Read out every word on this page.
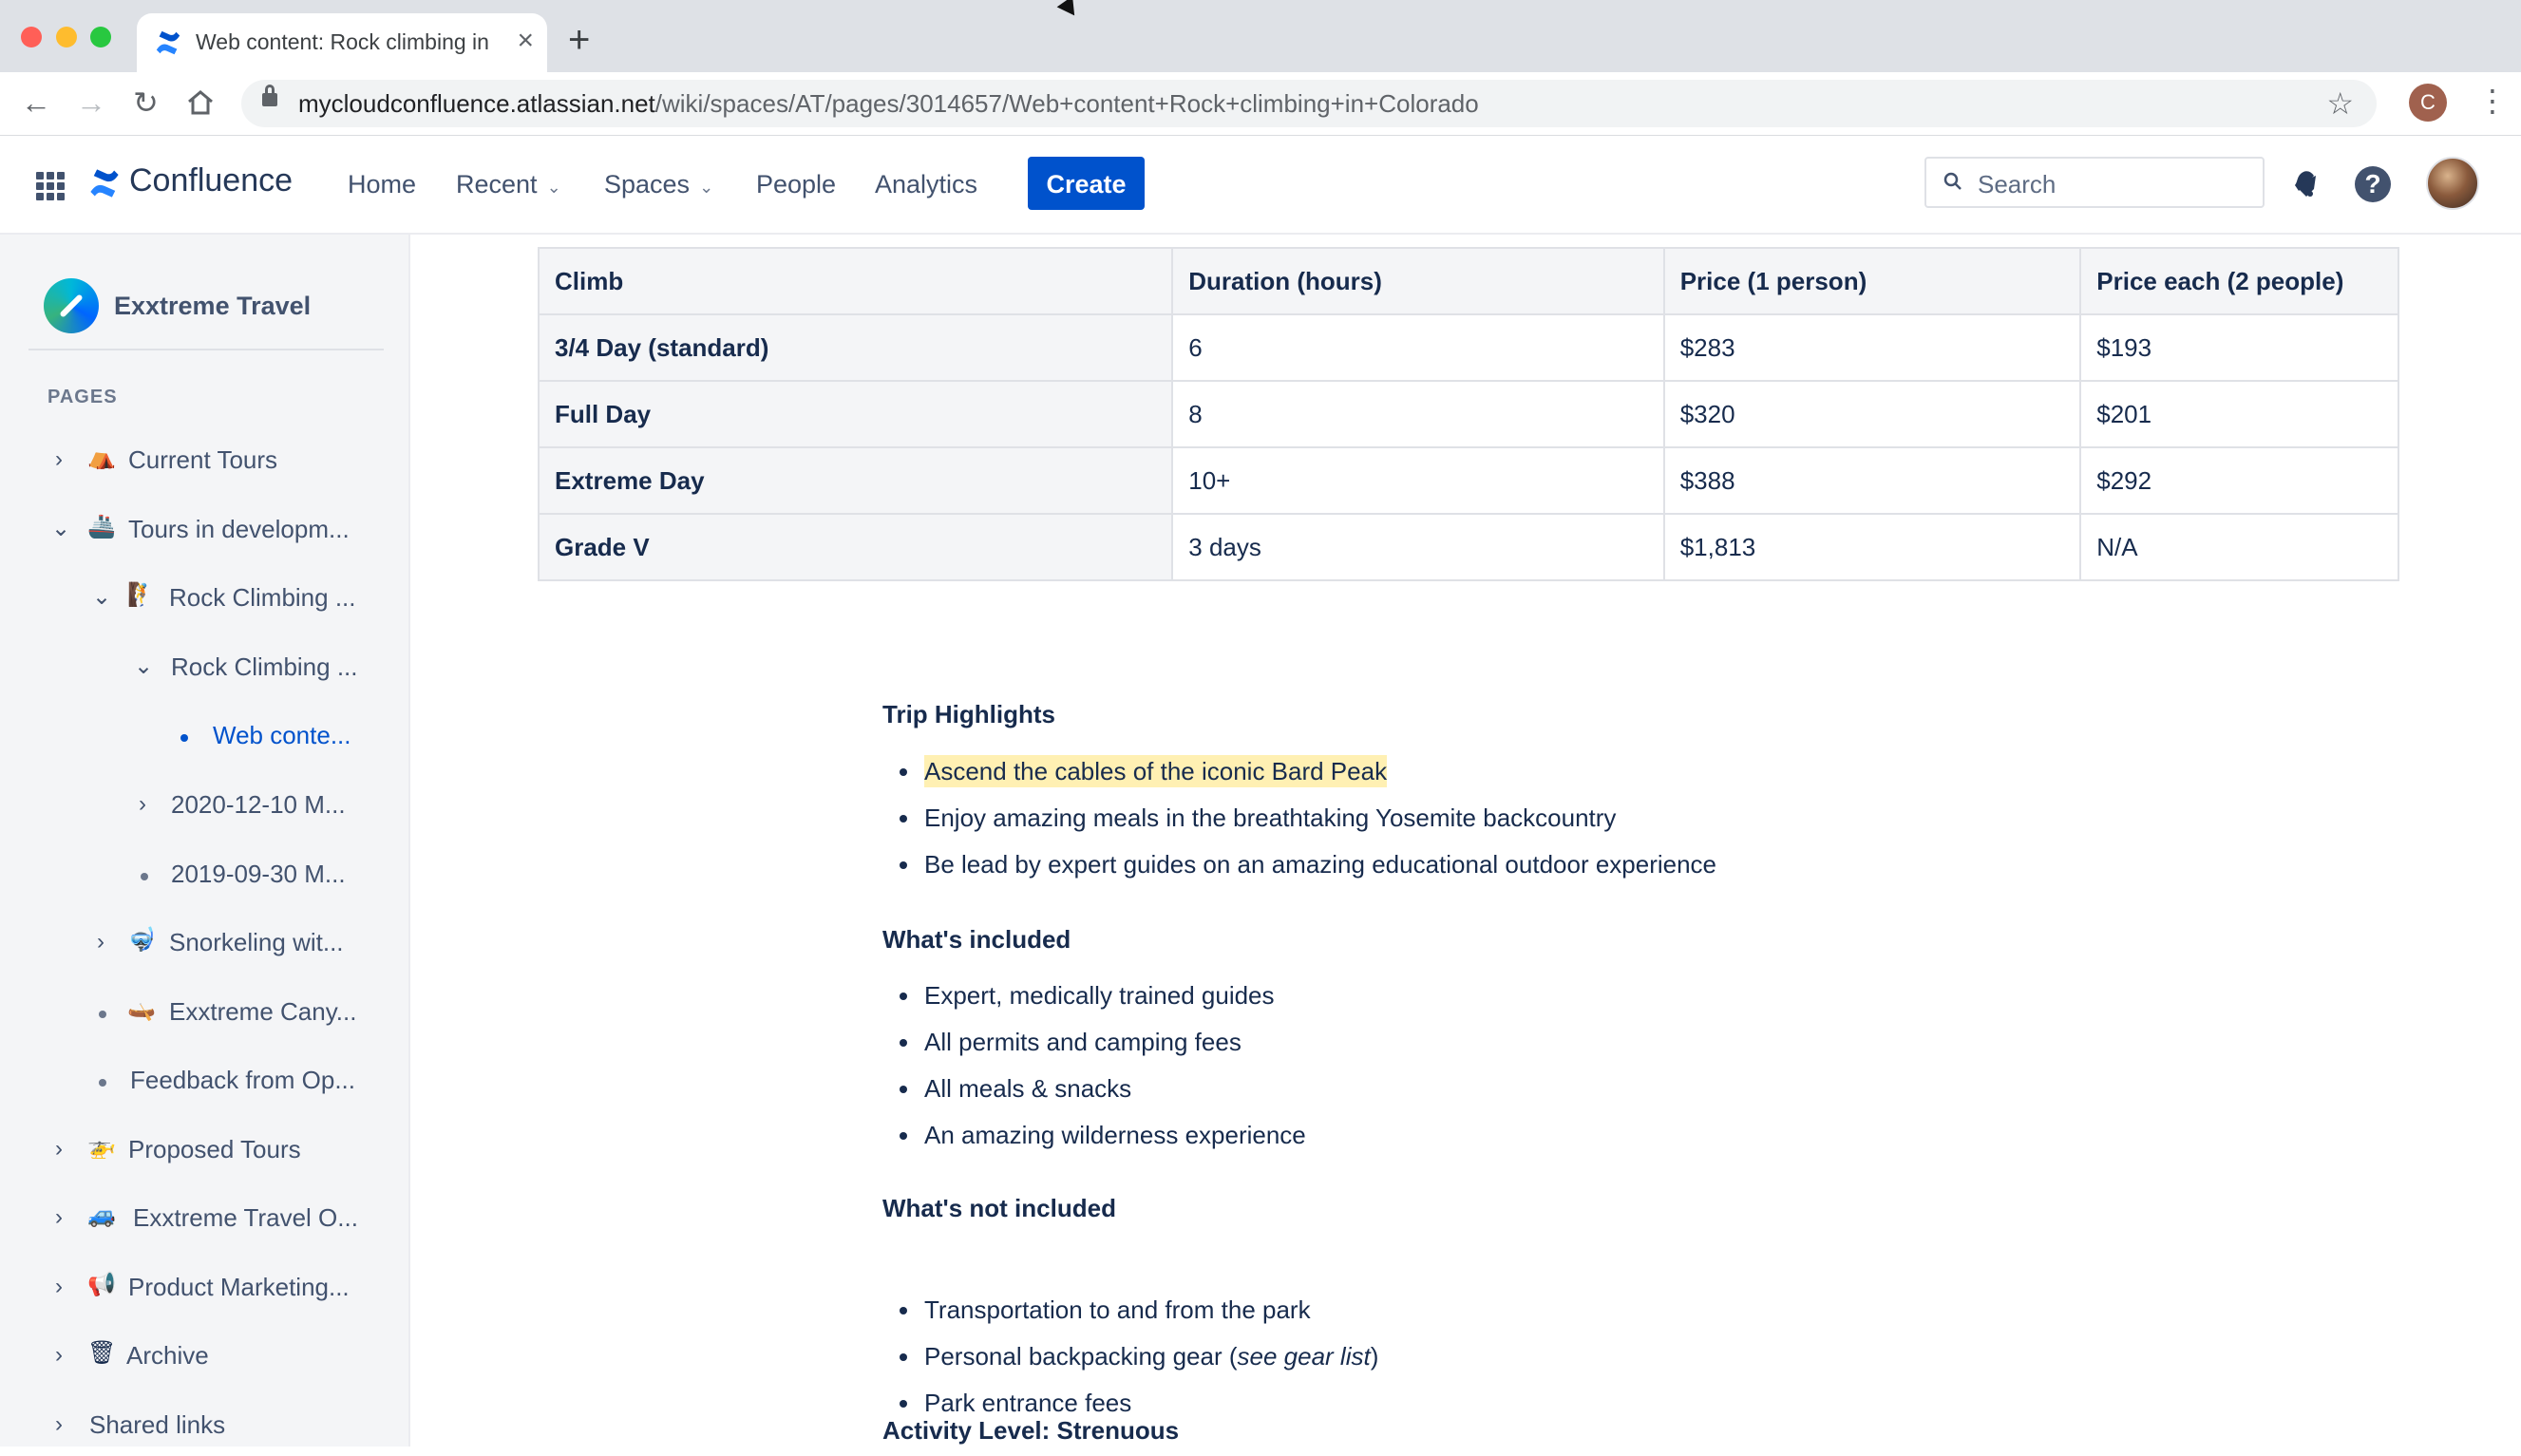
Web content: Rock climbing in × +
← → ↻	mycloudconfluence.atlassian.net/wiki/spaces/AT/pages/3014657/Web+content+Rock+climbing+in+Colorado	☆	C	⋮
Confluence Home Recent ⌄ Spaces ⌄ People Analytics	Create	Search	?
Exxtreme Travel
PAGES
› ⛺ Current Tours
⌄ 🚢 Tours in developm...
⌄ 🧗 Rock Climbing ...
⌄ Rock Climbing ...
Web conte...
› 2020-12-10 M...
2019-09-30 M...
› 🤿 Snorkeling wit...
🛶 Exxtreme Cany...
Feedback from Op...
› 🚁 Proposed Tours
› 🚙 Exxtreme Travel O...
› 📢 Product Marketing...
› 🗑 Archive
› Shared links
Climb	Duration (hours)	Price (1 person)	Price each (2 people)
3/4 Day (standard)	6	$283	$193
Full Day	8	$320	$201
Extreme Day	10+	$388	$292
Grade V	3 days	$1,813	N/A
Trip Highlights
Ascend the cables of the iconic Bard Peak
Enjoy amazing meals in the breathtaking Yosemite backcountry
Be lead by expert guides on an amazing educational outdoor experience
What's included
Expert, medically trained guides
All permits and camping fees
All meals & snacks
An amazing wilderness experience
What's not included
Transportation to and from the park
Personal backpacking gear (see gear list)
Park entrance fees
Activity Level: Strenuous
